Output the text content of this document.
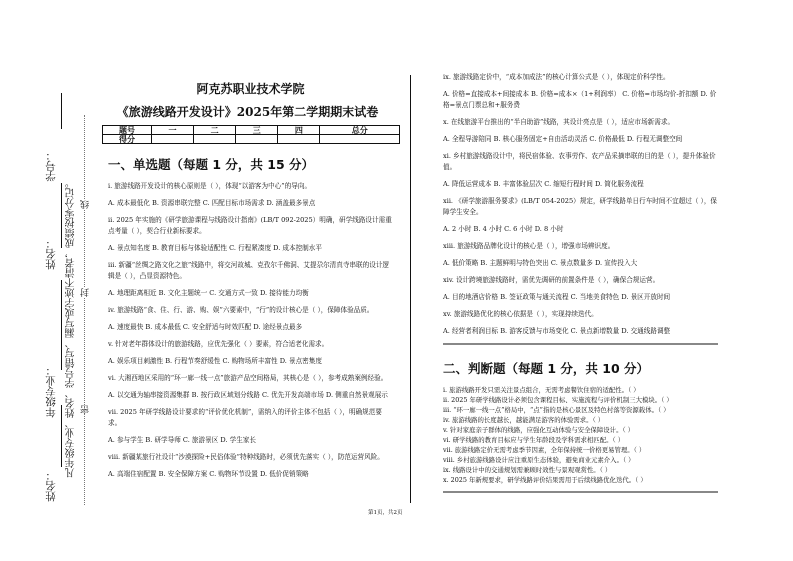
学号：
姓名：
年级专业：
姓名：
凡年级专业、姓名、学号错写、漏写或字迹不清者，成绩按零分记。 线
封
密
阿克苏职业技术学院
《旅游线路开发设计》2025年第二学期期末试卷
题号	一	二	三	四	总分
得分					
一、单选题（每题 1 分，共 15 分）
i. 旅游线路开发设计的核心原则是（ ），体现“以游客为中心”的导向。
A. 成本最低化 B. 资源串联完整 C. 匹配目标市场需求 D. 涵盖最多景点
ii. 2025 年实施的《研学旅游课程与线路设计指南》(LB/T 092-2025）明确，研学线路设计需重点考量（ ），契合行业新标要求。
A. 景点知名度 B. 教育目标与体验适配性 C. 行程紧凑度 D. 成本控制水平
iii. 新疆“丝绸之路文化之旅”线路中，将交河故城、克孜尔千佛洞、艾提尕尔清真寺串联的设计逻辑是（ ），凸显资源特色。
A. 地理距离相近 B. 文化主题统一 C. 交通方式一致 D. 接待能力均衡
iv. 旅游线路“食、住、行、游、购、娱”六要素中，“行”的设计核心是（ ），保障体验品质。
A. 速度最快 B. 成本最低 C. 安全舒适与时效匹配 D. 途经景点最多
v. 针对老年群体设计的旅游线路，应优先强化（ ）要素，符合适老化需求。
A. 娱乐项目刺激性 B. 行程节奏舒缓性 C. 购物场所丰富性 D. 景点密集度
vi. 大湘西地区采用的“环一廊一线一点”旅游产品空间格局，其核心是（ ），参考成熟案例经验。
A. 以交通为轴串接资源集群 B. 按行政区域划分线路 C. 优先开发高端市场 D. 侧重自然景观展示
vii. 2025 年研学线路设计要求的“评价优化机制”，需纳入的评价主体不包括（ ），明确规范要求。
A. 参与学生 B. 研学导师 C. 旅游景区 D. 学生家长
viii. 新疆某旅行社设计“沙漠探险+民俗体验”特种线路时，必须优先落实（ ），防范运营风险。
A. 高端住宿配置 B. 安全保障方案 C. 购物环节设置 D. 低价促销策略
ix. 旅游线路定价中，“成本加成法”的核心计算公式是（ ），体现定价科学性。
A. 价格=直接成本+间接成本 B. 价格=成本×（1+利润率） C. 价格=市场均价-折扣额 D. 价格=景点门票总和+服务费
x. 在线旅游平台推出的“半自助游”线路，其设计亮点是（ ），适应市场新需求。
A. 全程导游陪同 B. 核心服务固定+自由活动灵活 C. 价格最低 D. 行程无调整空间
xi. 乡村旅游线路设计中，将民宿体验、农事劳作、农产品采摘串联的目的是（ ），提升体验价值。
A. 降低运营成本 B. 丰富体验层次 C. 缩短行程时间 D. 简化服务流程
xii. 《研学旅游服务要求》(LB/T 054-2025）规定，研学线路单日行车时间不宜超过（ ），保障学生安全。
A. 2 小时 B. 4 小时 C. 6 小时 D. 8 小时
xiii. 旅游线路品牌化设计的核心是（ ），增强市场辨识度。
A. 低价策略 B. 主题鲜明与特色突出 C. 景点数量多 D. 宣传投入大
xiv. 设计跨境旅游线路时，需优先调研的前置条件是（ ），确保合规运营。
A. 目的地酒店价格 B. 签证政策与通关流程 C. 当地美食特色 D. 景区开放时间
xv. 旅游线路优化的核心依据是（ ），实现持续迭代。
A. 经营者利润目标 B. 游客反馈与市场变化 C. 景点新增数量 D. 交通线路调整
二、判断题（每题 1 分，共 10 分）
i. 旅游线路开发只需关注景点组合，无需考虑餐饮住宿的适配性。（ ）
ii. 2025 年研学线路设计必须包含课程目标、实施流程与评价机制三大模块。（ ）
iii. “环一廊一线一点”格局中，“点”指的是核心景区及特色村落等资源载体。（ ）
iv. 旅游线路的长度越长，越能满足游客的体验需求。（ ）
v. 针对家庭亲子群体的线路，应强化互动体验与安全保障设计。（ ）
vi. 研学线路的教育目标应与学生年龄段及学科需求相匹配。（ ）
vii. 旅游线路定价无需考虑季节因素，全年保持统一价格更易管理。（ ）
viii. 乡村旅游线路设计应注重原生态体验，避免商业元素介入。（ ）
ix. 线路设计中的交通规划需兼顾时效性与景观观赏性。（ ）
x. 2025 年新规要求，研学线路评价结果需用于后续线路优化迭代。（ ）
第1页，共2页
